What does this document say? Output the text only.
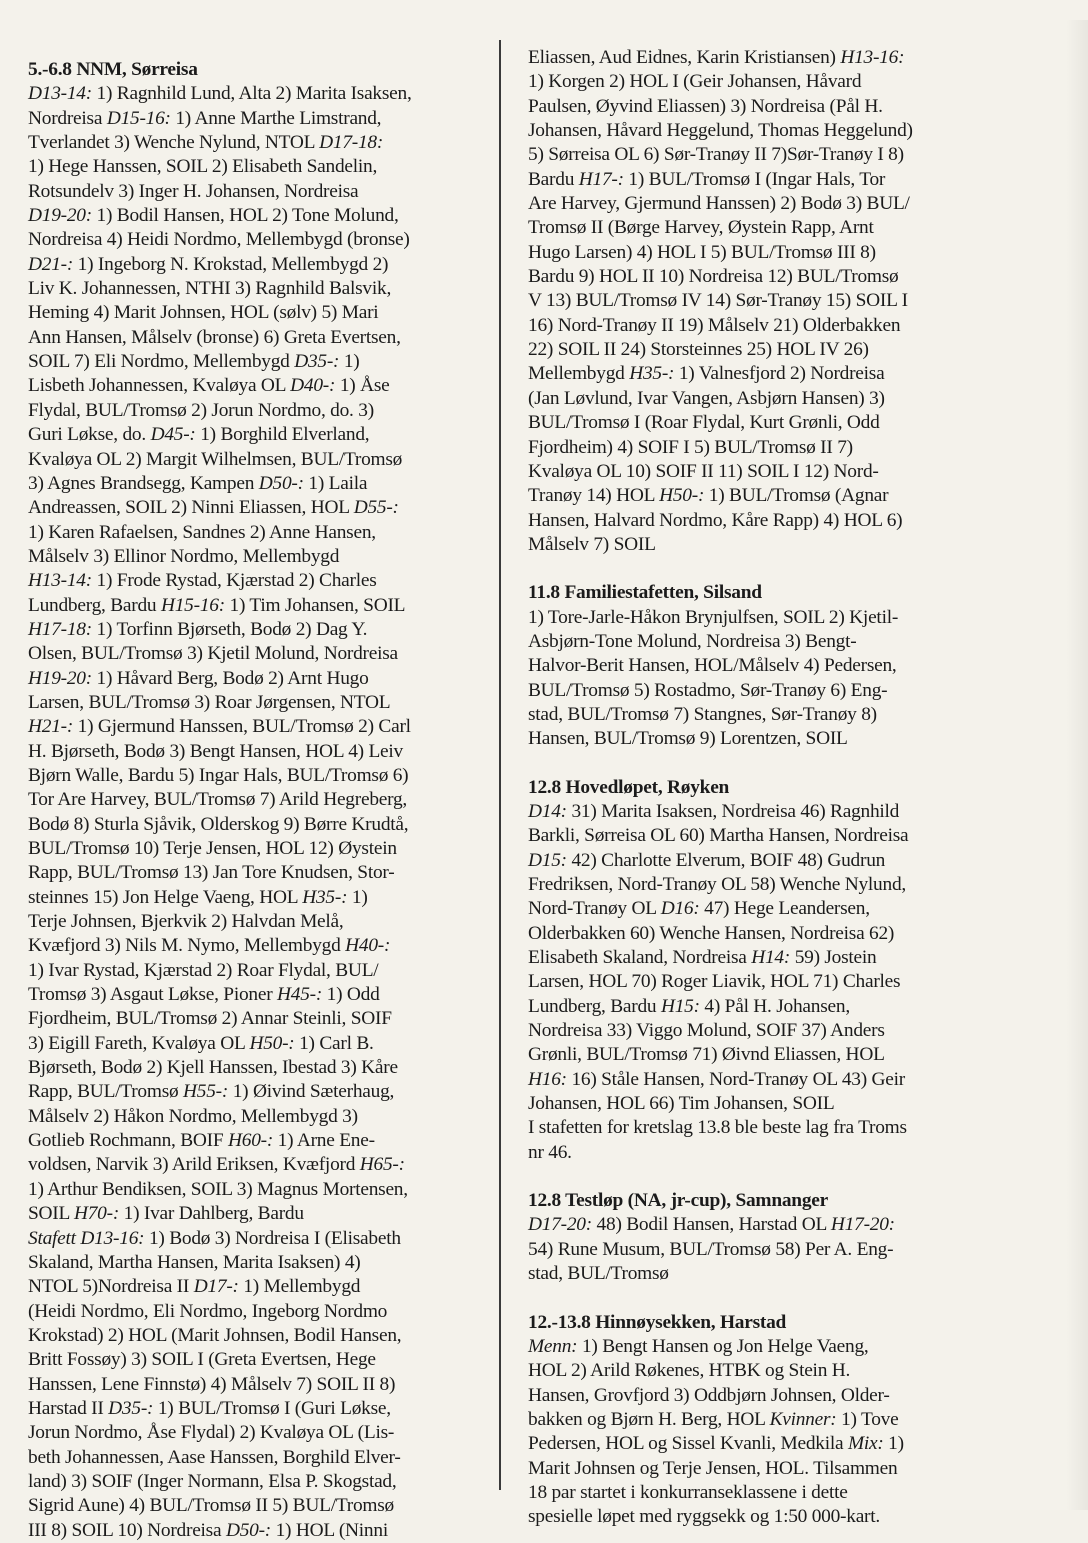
5.-6.8 NNM, Sørreisa

D13-14: 1) Ragnhild Lund, Alta 2) Marita Isaksen,

Nordreisa D15-16: 1) Anne Marthe Limstrand,

Tverlandet 3) Wenche Nylund, NTOL D17-18:

1) Hege Hanssen, SOIL 2) Elisabeth Sandelin,

Rotsundelv 3) Inger H. Johansen, Nordreisa

D19-20: 1) Bodil Hansen, HOL 2) Tone Molund,

Nordreisa 4) Heidi Nordmo, Mellembygd (bronse)

D21-: 1) Ingeborg N. Krokstad, Mellembygd 2)

Liv K. Johannessen, NTHI 3) Ragnhild Balsvik,

Heming 4) Marit Johnsen, HOL (sølv) 5) Mari

Ann Hansen, Målselv (bronse) 6) Greta Evertsen,

SOIL 7) Eli Nordmo, Mellembygd D35-: 1)

Lisbeth Johannessen, Kvaløya OL D40-: 1) Åse

Flydal, BUL/Tromsø 2) Jorun Nordmo, do. 3)

Guri Løkse, do. D45-: 1) Borghild Elverland,

Kvaløya OL 2) Margit Wilhelmsen, BUL/Tromsø

3) Agnes Brandsegg, Kampen D50-: 1) Laila

Andreassen, SOIL 2) Ninni Eliassen, HOL D55-:

1) Karen Rafaelsen, Sandnes 2) Anne Hansen,

Målselv 3) Ellinor Nordmo, Mellembygd

H13-14: 1) Frode Rystad, Kjærstad 2) Charles

Lundberg, Bardu H15-16: 1) Tim Johansen, SOIL

H17-18: 1) Torfinn Bjørseth, Bodø 2) Dag Y.

Olsen, BUL/Tromsø 3) Kjetil Molund, Nordreisa

H19-20: 1) Håvard Berg, Bodø 2) Arnt Hugo

Larsen, BUL/Tromsø 3) Roar Jørgensen, NTOL

H21-: 1) Gjermund Hanssen, BUL/Tromsø 2) Carl

H. Bjørseth, Bodø 3) Bengt Hansen, HOL 4) Leiv

Bjørn Walle, Bardu 5) Ingar Hals, BUL/Tromsø 6)

Tor Are Harvey, BUL/Tromsø 7) Arild Hegreberg,

Bodø 8) Sturla Sjåvik, Olderskog 9) Børre Krudtå,

BUL/Tromsø 10) Terje Jensen, HOL 12) Øystein

Rapp, BUL/Tromsø 13) Jan Tore Knudsen, Stor-

steinnes 15) Jon Helge Vaeng, HOL H35-: 1)

Terje Johnsen, Bjerkvik 2) Halvdan Melå,

Kvæfjord 3) Nils M. Nymo, Mellembygd H40-:

1) Ivar Rystad, Kjærstad 2) Roar Flydal, BUL/

Tromsø 3) Asgaut Løkse, Pioner H45-: 1) Odd

Fjordheim, BUL/Tromsø 2) Annar Steinli, SOIF

3) Eigill Fareth, Kvaløya OL H50-: 1) Carl B.

Bjørseth, Bodø 2) Kjell Hanssen, Ibestad 3) Kåre

Rapp, BUL/Tromsø H55-: 1) Øivind Sæterhaug,

Målselv 2) Håkon Nordmo, Mellembygd 3)

Gotlieb Rochmann, BOIF H60-: 1) Arne Ene-

voldsen, Narvik 3) Arild Eriksen, Kvæfjord H65-:

1) Arthur Bendiksen, SOIL 3) Magnus Mortensen,

SOIL H70-: 1) Ivar Dahlberg, Bardu

Stafett D13-16: 1) Bodø 3) Nordreisa I (Elisabeth

Skaland, Martha Hansen, Marita Isaksen) 4)

NTOL 5)Nordreisa II D17-: 1) Mellembygd

(Heidi Nordmo, Eli Nordmo, Ingeborg Nordmo

Krokstad) 2) HOL (Marit Johnsen, Bodil Hansen,

Britt Fossøy) 3) SOIL I (Greta Evertsen, Hege

Hanssen, Lene Finnstø) 4) Målselv 7) SOIL II 8)

Harstad II D35-: 1) BUL/Tromsø I (Guri Løkse,

Jorun Nordmo, Åse Flydal) 2) Kvaløya OL (Lis-

beth Johannessen, Aase Hanssen, Borghild Elver-

land) 3) SOIF (Inger Normann, Elsa P. Skogstad,

Sigrid Aune) 4) BUL/Tromsø II 5) BUL/Tromsø

III 8) SOIL 10) Nordreisa D50-: 1) HOL (Ninni

Eliassen, Aud Eidnes, Karin Kristiansen) H13-16:

1) Korgen 2) HOL I (Geir Johansen, Håvard

Paulsen, Øyvind Eliassen) 3) Nordreisa (Pål H.

Johansen, Håvard Heggelund, Thomas Heggelund)

5) Sørreisa OL 6) Sør-Tranøy II 7)Sør-Tranøy I 8)

Bardu H17-: 1) BUL/Tromsø I (Ingar Hals, Tor

Are Harvey, Gjermund Hanssen) 2) Bodø 3) BUL/

Tromsø II (Børge Harvey, Øystein Rapp, Arnt

Hugo Larsen) 4) HOL I 5) BUL/Tromsø III 8)

Bardu 9) HOL II 10) Nordreisa 12) BUL/Tromsø

V 13) BUL/Tromsø IV 14) Sør-Tranøy 15) SOIL I

16) Nord-Tranøy II 19) Målselv 21) Olderbakken

22) SOIL II 24) Storsteinnes 25) HOL IV 26)

Mellembygd H35-: 1) Valnesfjord 2) Nordreisa

(Jan Løvlund, Ivar Vangen, Asbjørn Hansen) 3)

BUL/Tromsø I (Roar Flydal, Kurt Grønli, Odd

Fjordheim) 4) SOIF I 5) BUL/Tromsø II 7)

Kvaløya OL 10) SOIF II 11) SOIL I 12) Nord-

Tranøy 14) HOL H50-: 1) BUL/Tromsø (Agnar

Hansen, Halvard Nordmo, Kåre Rapp) 4) HOL 6)

Målselv 7) SOIL

11.8 Familiestafetten, Silsand

1) Tore-Jarle-Håkon Brynjulfsen, SOIL 2) Kjetil-

Asbjørn-Tone Molund, Nordreisa 3) Bengt-

Halvor-Berit Hansen, HOL/Målselv 4) Pedersen,

BUL/Tromsø 5) Rostadmo, Sør-Tranøy 6) Eng-

stad, BUL/Tromsø 7) Stangnes, Sør-Tranøy 8)

Hansen, BUL/Tromsø 9) Lorentzen, SOIL

12.8 Hovedløpet, Røyken

D14: 31) Marita Isaksen, Nordreisa 46) Ragnhild

Barkli, Sørreisa OL 60) Martha Hansen, Nordreisa

D15: 42) Charlotte Elverum, BOIF 48) Gudrun

Fredriksen, Nord-Tranøy OL 58) Wenche Nylund,

Nord-Tranøy OL D16: 47) Hege Leandersen,

Olderbakken 60) Wenche Hansen, Nordreisa 62)

Elisabeth Skaland, Nordreisa H14: 59) Jostein

Larsen, HOL 70) Roger Liavik, HOL 71) Charles

Lundberg, Bardu H15: 4) Pål H. Johansen,

Nordreisa 33) Viggo Molund, SOIF 37) Anders

Grønli, BUL/Tromsø 71) Øivnd Eliassen, HOL

H16: 16) Ståle Hansen, Nord-Tranøy OL 43) Geir

Johansen, HOL 66) Tim Johansen, SOIL

I stafetten for kretslag 13.8 ble beste lag fra Troms

nr 46.

12.8 Testløp (NA, jr-cup), Samnanger

D17-20: 48) Bodil Hansen, Harstad OL H17-20:

54) Rune Musum, BUL/Tromsø 58) Per A. Eng-

stad, BUL/Tromsø

12.-13.8 Hinnøysekken, Harstad

Menn: 1) Bengt Hansen og Jon Helge Vaeng,

HOL 2) Arild Røkenes, HTBK og Stein H.

Hansen, Grovfjord 3) Oddbjørn Johnsen, Older-

bakken og Bjørn H. Berg, HOL Kvinner: 1) Tove

Pedersen, HOL og Sissel Kvanli, Medkila Mix: 1)

Marit Johnsen og Terje Jensen, HOL. Tilsammen

18 par startet i konkurranseklassene i dette

spesielle løpet med ryggsekk og 1:50 000-kart.
